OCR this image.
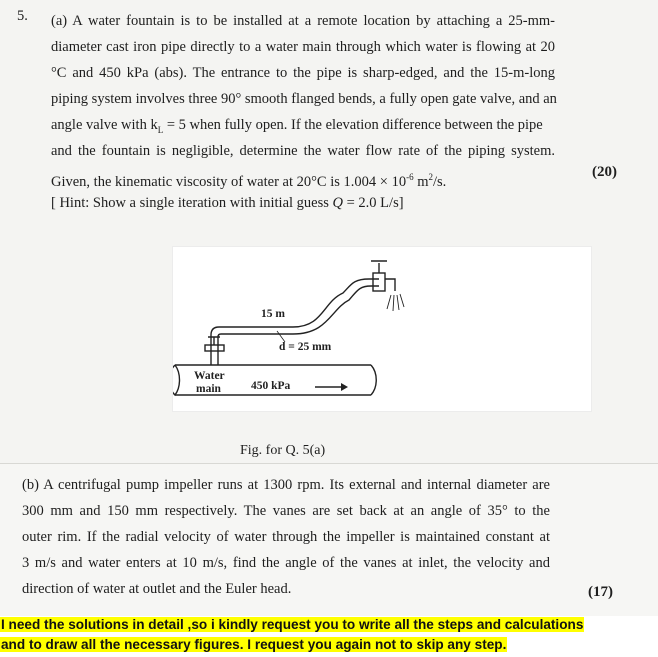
5. (a) A water fountain is to be installed at a remote location by attaching a 25-mm-
diameter cast iron pipe directly to a water main through which water is flowing at 20
°C and 450 kPa (abs). The entrance to the pipe is sharp-edged, and the 15-m-long
piping system involves three 90° smooth flanged bends, a fully open gate valve, and an
angle valve with $k_L = 5$ when fully open. If the elevation difference between the pipe
and the fountain is negligible, determine the water flow rate of the piping system.
Given, the kinematic viscosity of water at 20°C is $1.004 \times 10^{-6}$ $m^2/s$.
[ Hint: Show a single iteration with initial guess Q = 2.0 L/s]
(20)
15 m
d = 25 mm
Water
main	450 kPa
Fig. for Q. 5(a)
(b) A centrifugal pump impeller runs at 1300 rpm. Its external and internal diameter are
300 mm and 150 mm respectively. The vanes are set back at an angle of 35° to the
outer rim. If the radial velocity of water through the impeller is maintained constant at
3 m/s and water enters at 10 m/s, find the angle of the vanes at inlet, the velocity and
direction of water at outlet and the Euler head.	(17)
I need the solutions in detail ,so i kindly request you to write all the steps and calculations
and to draw all the necessary figures. I request you again not to skip any step.
